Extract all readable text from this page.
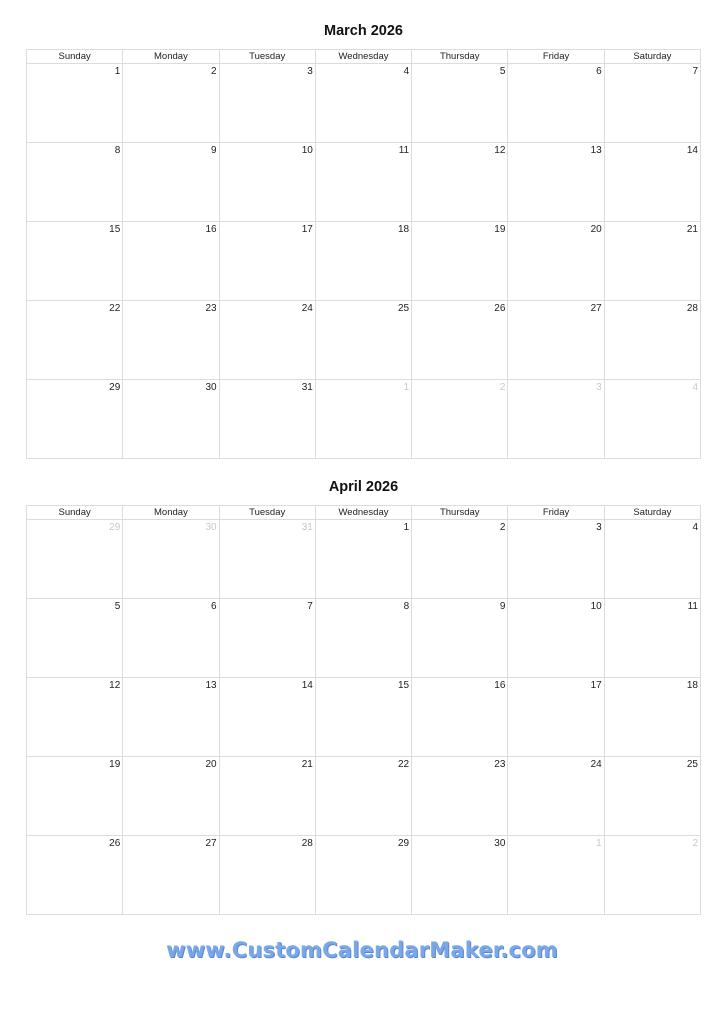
March 2026
Sunday	Monday	Tuesday	Wednesday	Thursday	Friday	Saturday

1	2	3	4	5	6	7

8	9	10	11	12	13	14

15	16	17	18	19	20	21

22	23	24	25	26	27	28

29	30	31	1	2	3	4
April 2026
Sunday	Monday	Tuesday	Wednesday	Thursday	Friday	Saturday

29	30	31	1	2	3	4

5	6	7	8	9	10	11

12	13	14	15	16	17	18

19	20	21	22	23	24	25

26	27	28	29	30	1	2
www.CustomCalendarMaker.com
